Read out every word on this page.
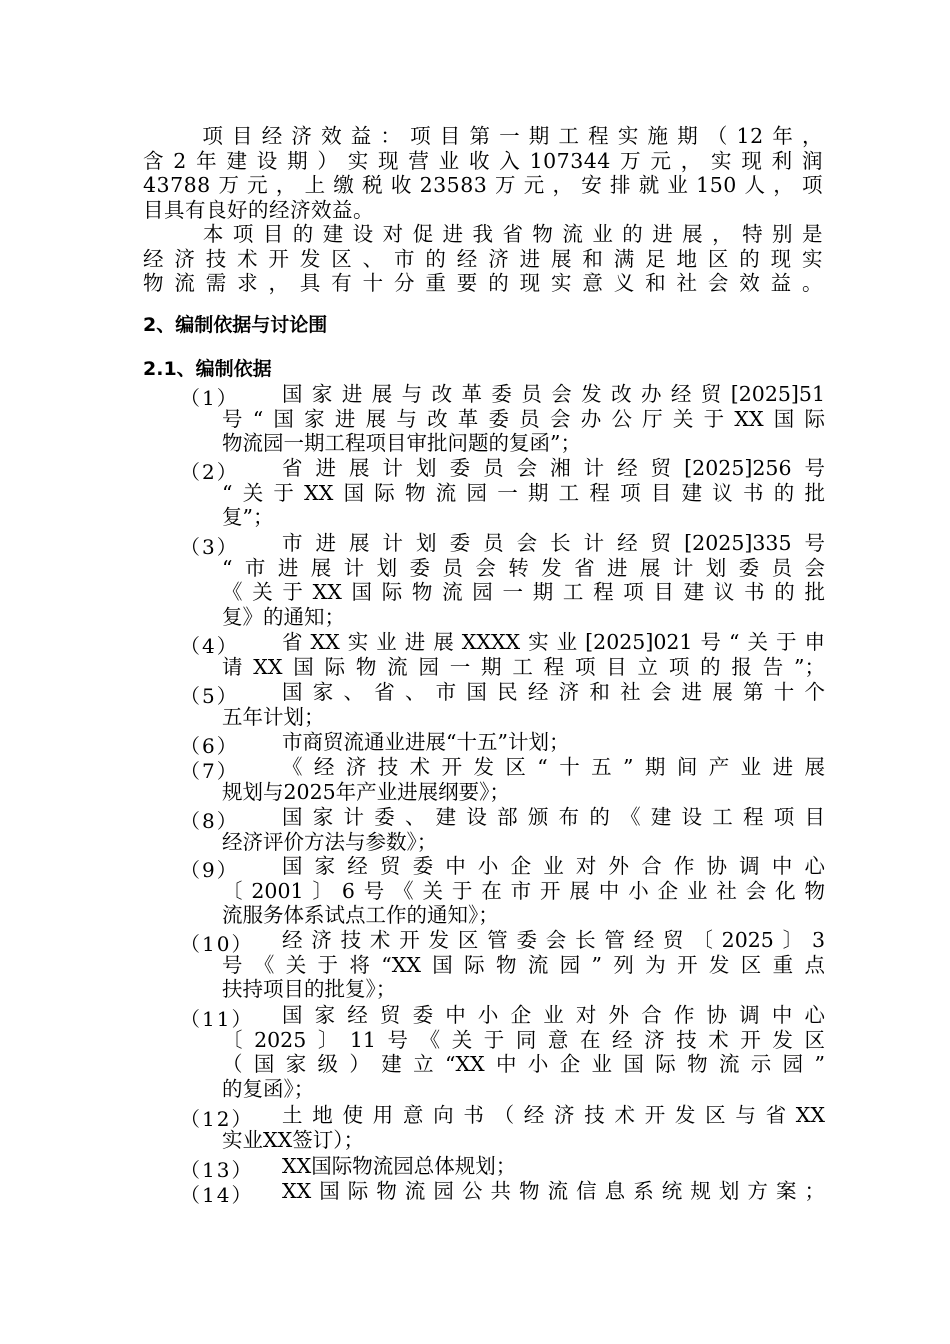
　　项目经济效益：项目第一期工程实施期（12年，
含2年建设期）实现营业收入107344万元，实现利润
43788万元，上缴税收23583万元，安排就业150人，项
目具有良好的经济效益。
　　本项目的建设对促进我省物流业的进展，特别是
经济技术开发区、市的经济进展和满足地区的现实
物流需求，具有十分重要的现实意义和社会效益。
2、编制依据与讨论围
2.1、编制依据
（1）	国家进展与改革委员会发改办经贸[2025]51
号“国家进展与改革委员会办公厅关于XX国际
物流园一期工程项目审批问题的复函”；
（2）	省进展计划委员会湘计经贸[2025]256号
“关于XX国际物流园一期工程项目建议书的批
复”；
（3）	市进展计划委员会长计经贸[2025]335号
“市进展计划委员会转发省进展计划委员会
《关于XX国际物流园一期工程项目建议书的批
复》的通知；
（4）	省XX实业进展XXXX实业[2025]021号“关于申
请XX国际物流园一期工程项目立项的报告”；
（5）	国家、省、市国民经济和社会进展第十个
五年计划；
（6）	市商贸流通业进展“十五”计划；
（7）	《经济技术开发区“十五”期间产业进展
规划与2025年产业进展纲要》；
（8）	国家计委、建设部颁布的《建设工程项目
经济评价方法与参数》；
（9）	国家经贸委中小企业对外合作协调中心
〔2001〕6号《关于在市开展中小企业社会化物
流服务体系试点工作的通知》；
（10）	经济技术开发区管委会长管经贸〔2025〕3
号《关于将“XX国际物流园”列为开发区重点
扶持项目的批复》；
（11）	国家经贸委中小企业对外合作协调中心
〔2025〕11号《关于同意在经济技术开发区
（国家级）建立“XX中小企业国际物流示园”
的复函》；
（12）	土地使用意向书（经济技术开发区与省XX
实业XX签订）；
（13）	XX国际物流园总体规划；
（14）	XX国际物流园公共物流信息系统规划方案；
